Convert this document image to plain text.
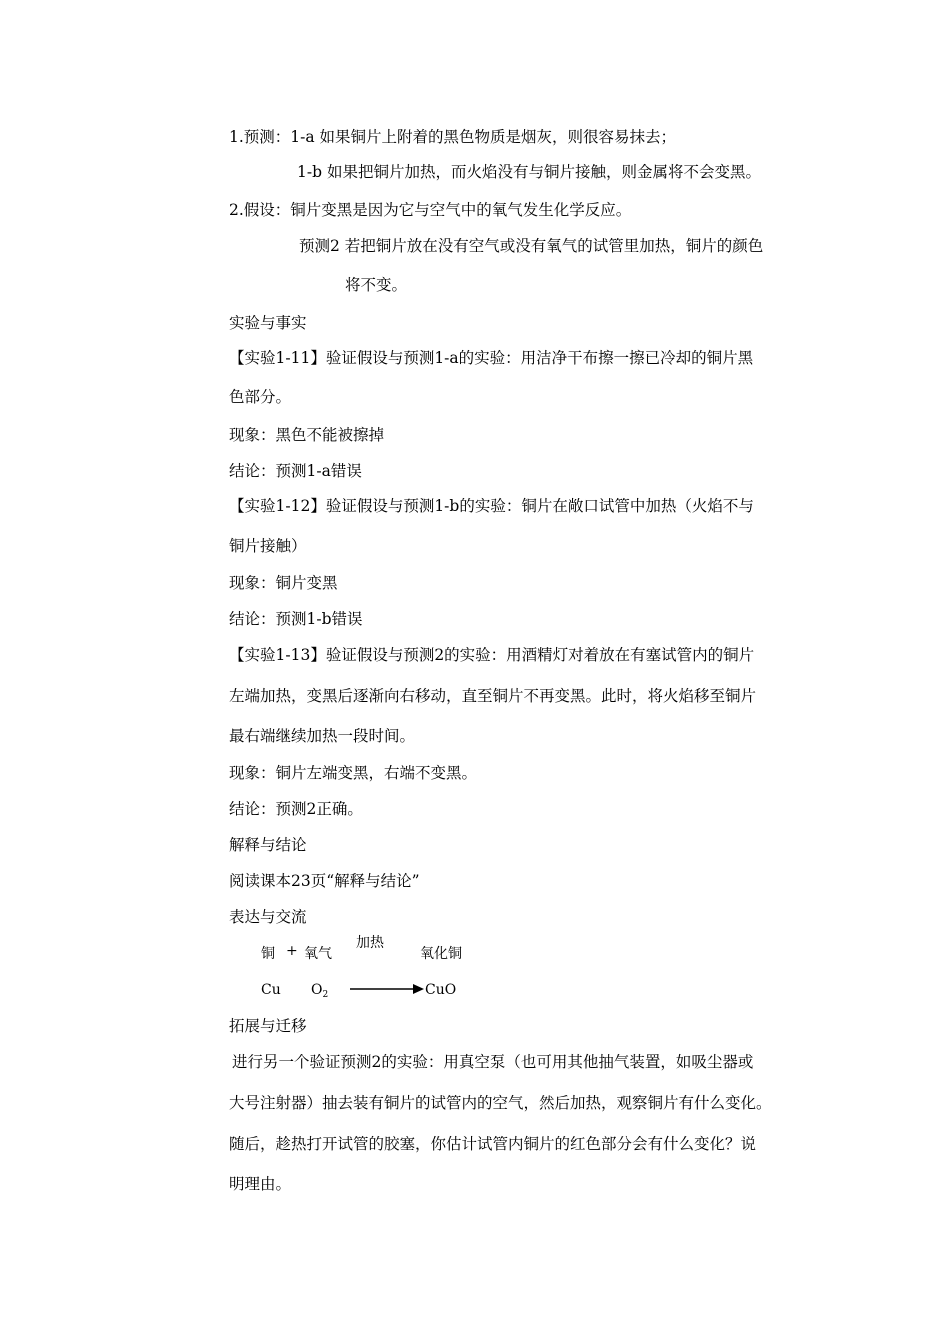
1.预测：1-a 如果铜片上附着的黑色物质是烟灰，则很容易抹去；
1-b 如果把铜片加热，而火焰没有与铜片接触，则金属将不会变黑。
2.假设：铜片变黑是因为它与空气中的氧气发生化学反应。
预测2 若把铜片放在没有空气或没有氧气的试管里加热，铜片的颜色
将不变。
实验与事实
【实验1-11】验证假设与预测1-a的实验：用洁净干布擦一擦已冷却的铜片黑
色部分。
现象：黑色不能被擦掉
结论：预测1-a错误
【实验1-12】验证假设与预测1-b的实验：铜片在敞口试管中加热（火焰不与
铜片接触）
现象：铜片变黑
结论：预测1-b错误
【实验1-13】验证假设与预测2的实验：用酒精灯对着放在有塞试管内的铜片
左端加热，变黑后逐渐向右移动，直至铜片不再变黑。此时，将火焰移至铜片
最右端继续加热一段时间。
现象：铜片左端变黑，右端不变黑。
结论：预测2正确。
解释与结论
阅读课本23页“解释与结论”
表达与交流
铜 + 氧气
加热
氧化铜
Cu $O_2$	CuO
拓展与迁移
进行另一个验证预测2的实验：用真空泵（也可用其他抽气装置，如吸尘器或
大号注射器）抽去装有铜片的试管内的空气，然后加热，观察铜片有什么变化。
随后，趁热打开试管的胶塞，你估计试管内铜片的红色部分会有什么变化？说
明理由。
